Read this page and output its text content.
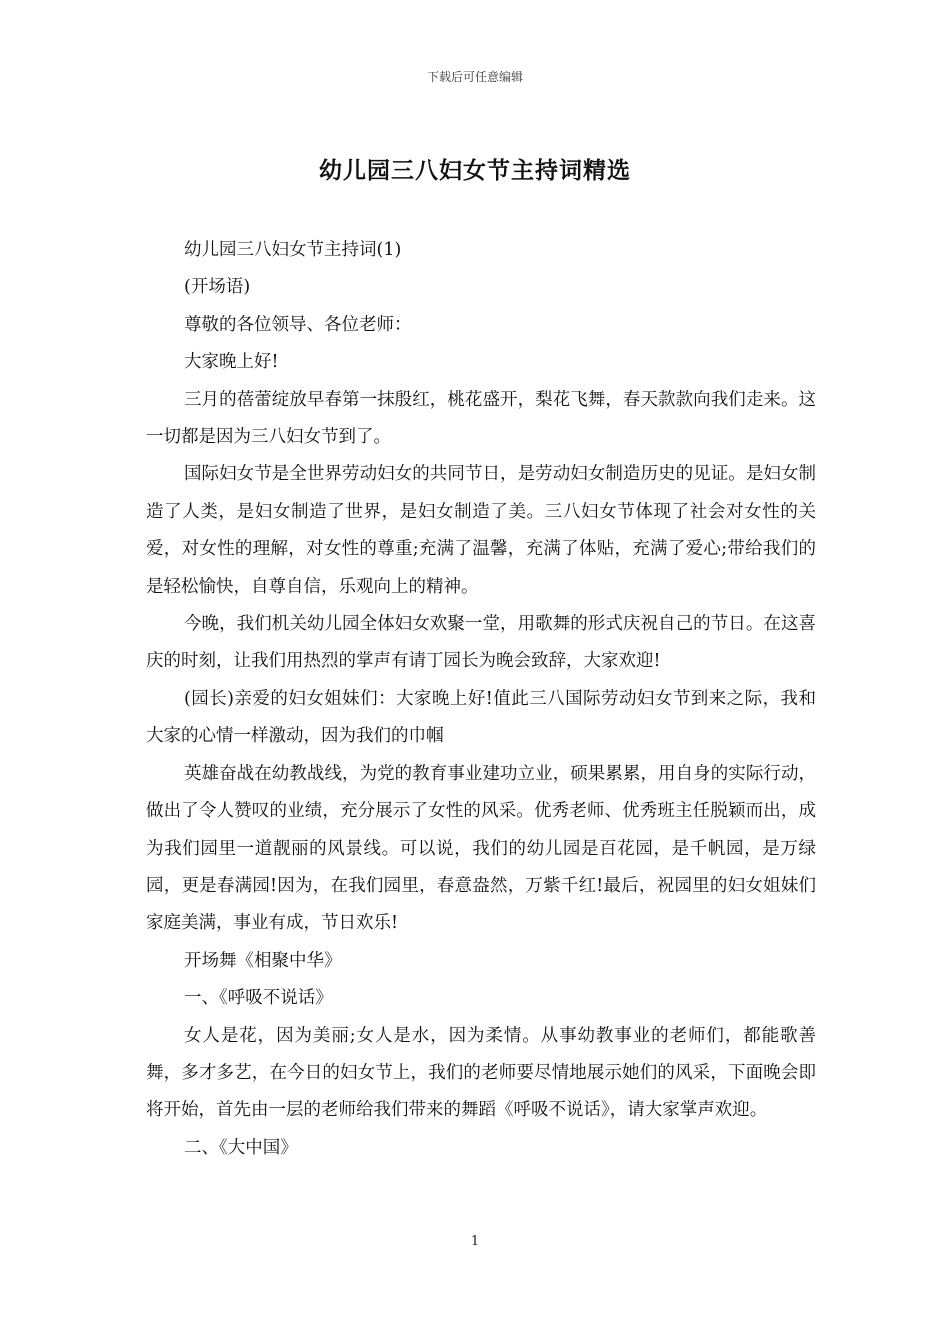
下载后可任意编辑
幼儿园三八妇女节主持词精选

幼儿园三八妇女节主持词(1)

(开场语)

尊敬的各位领导、各位老师：

大家晚上好!

三月的蓓蕾绽放早春第一抹殷红，桃花盛开，梨花飞舞，春天款款向我们走来。这一切都是因为三八妇女节到了。

国际妇女节是全世界劳动妇女的共同节日，是劳动妇女制造历史的见证。是妇女制造了人类，是妇女制造了世界，是妇女制造了美。三八妇女节体现了社会对女性的关爱，对女性的理解，对女性的尊重;充满了温馨，充满了体贴，充满了爱心;带给我们的是轻松愉快，自尊自信，乐观向上的精神。

今晚，我们机关幼儿园全体妇女欢聚一堂，用歌舞的形式庆祝自己的节日。在这喜庆的时刻，让我们用热烈的掌声有请丁园长为晚会致辞，大家欢迎!

(园长)亲爱的妇女姐妹们：大家晚上好!值此三八国际劳动妇女节到来之际，我和大家的心情一样激动，因为我们的巾帼

英雄奋战在幼教战线，为党的教育事业建功立业，硕果累累，用自身的实际行动，做出了令人赞叹的业绩，充分展示了女性的风采。优秀老师、优秀班主任脱颖而出，成为我们园里一道靓丽的风景线。可以说，我们的幼儿园是百花园，是千帆园，是万绿园，更是春满园!因为，在我们园里，春意盎然，万紫千红!最后，祝园里的妇女姐妹们家庭美满，事业有成，节日欢乐!

开场舞《相聚中华》

一、《呼吸不说话》

女人是花，因为美丽;女人是水，因为柔情。从事幼教事业的老师们，都能歌善舞，多才多艺，在今日的妇女节上，我们的老师要尽情地展示她们的风采，下面晚会即将开始，首先由一层的老师给我们带来的舞蹈《呼吸不说话》，请大家掌声欢迎。

二、《大中国》

1
